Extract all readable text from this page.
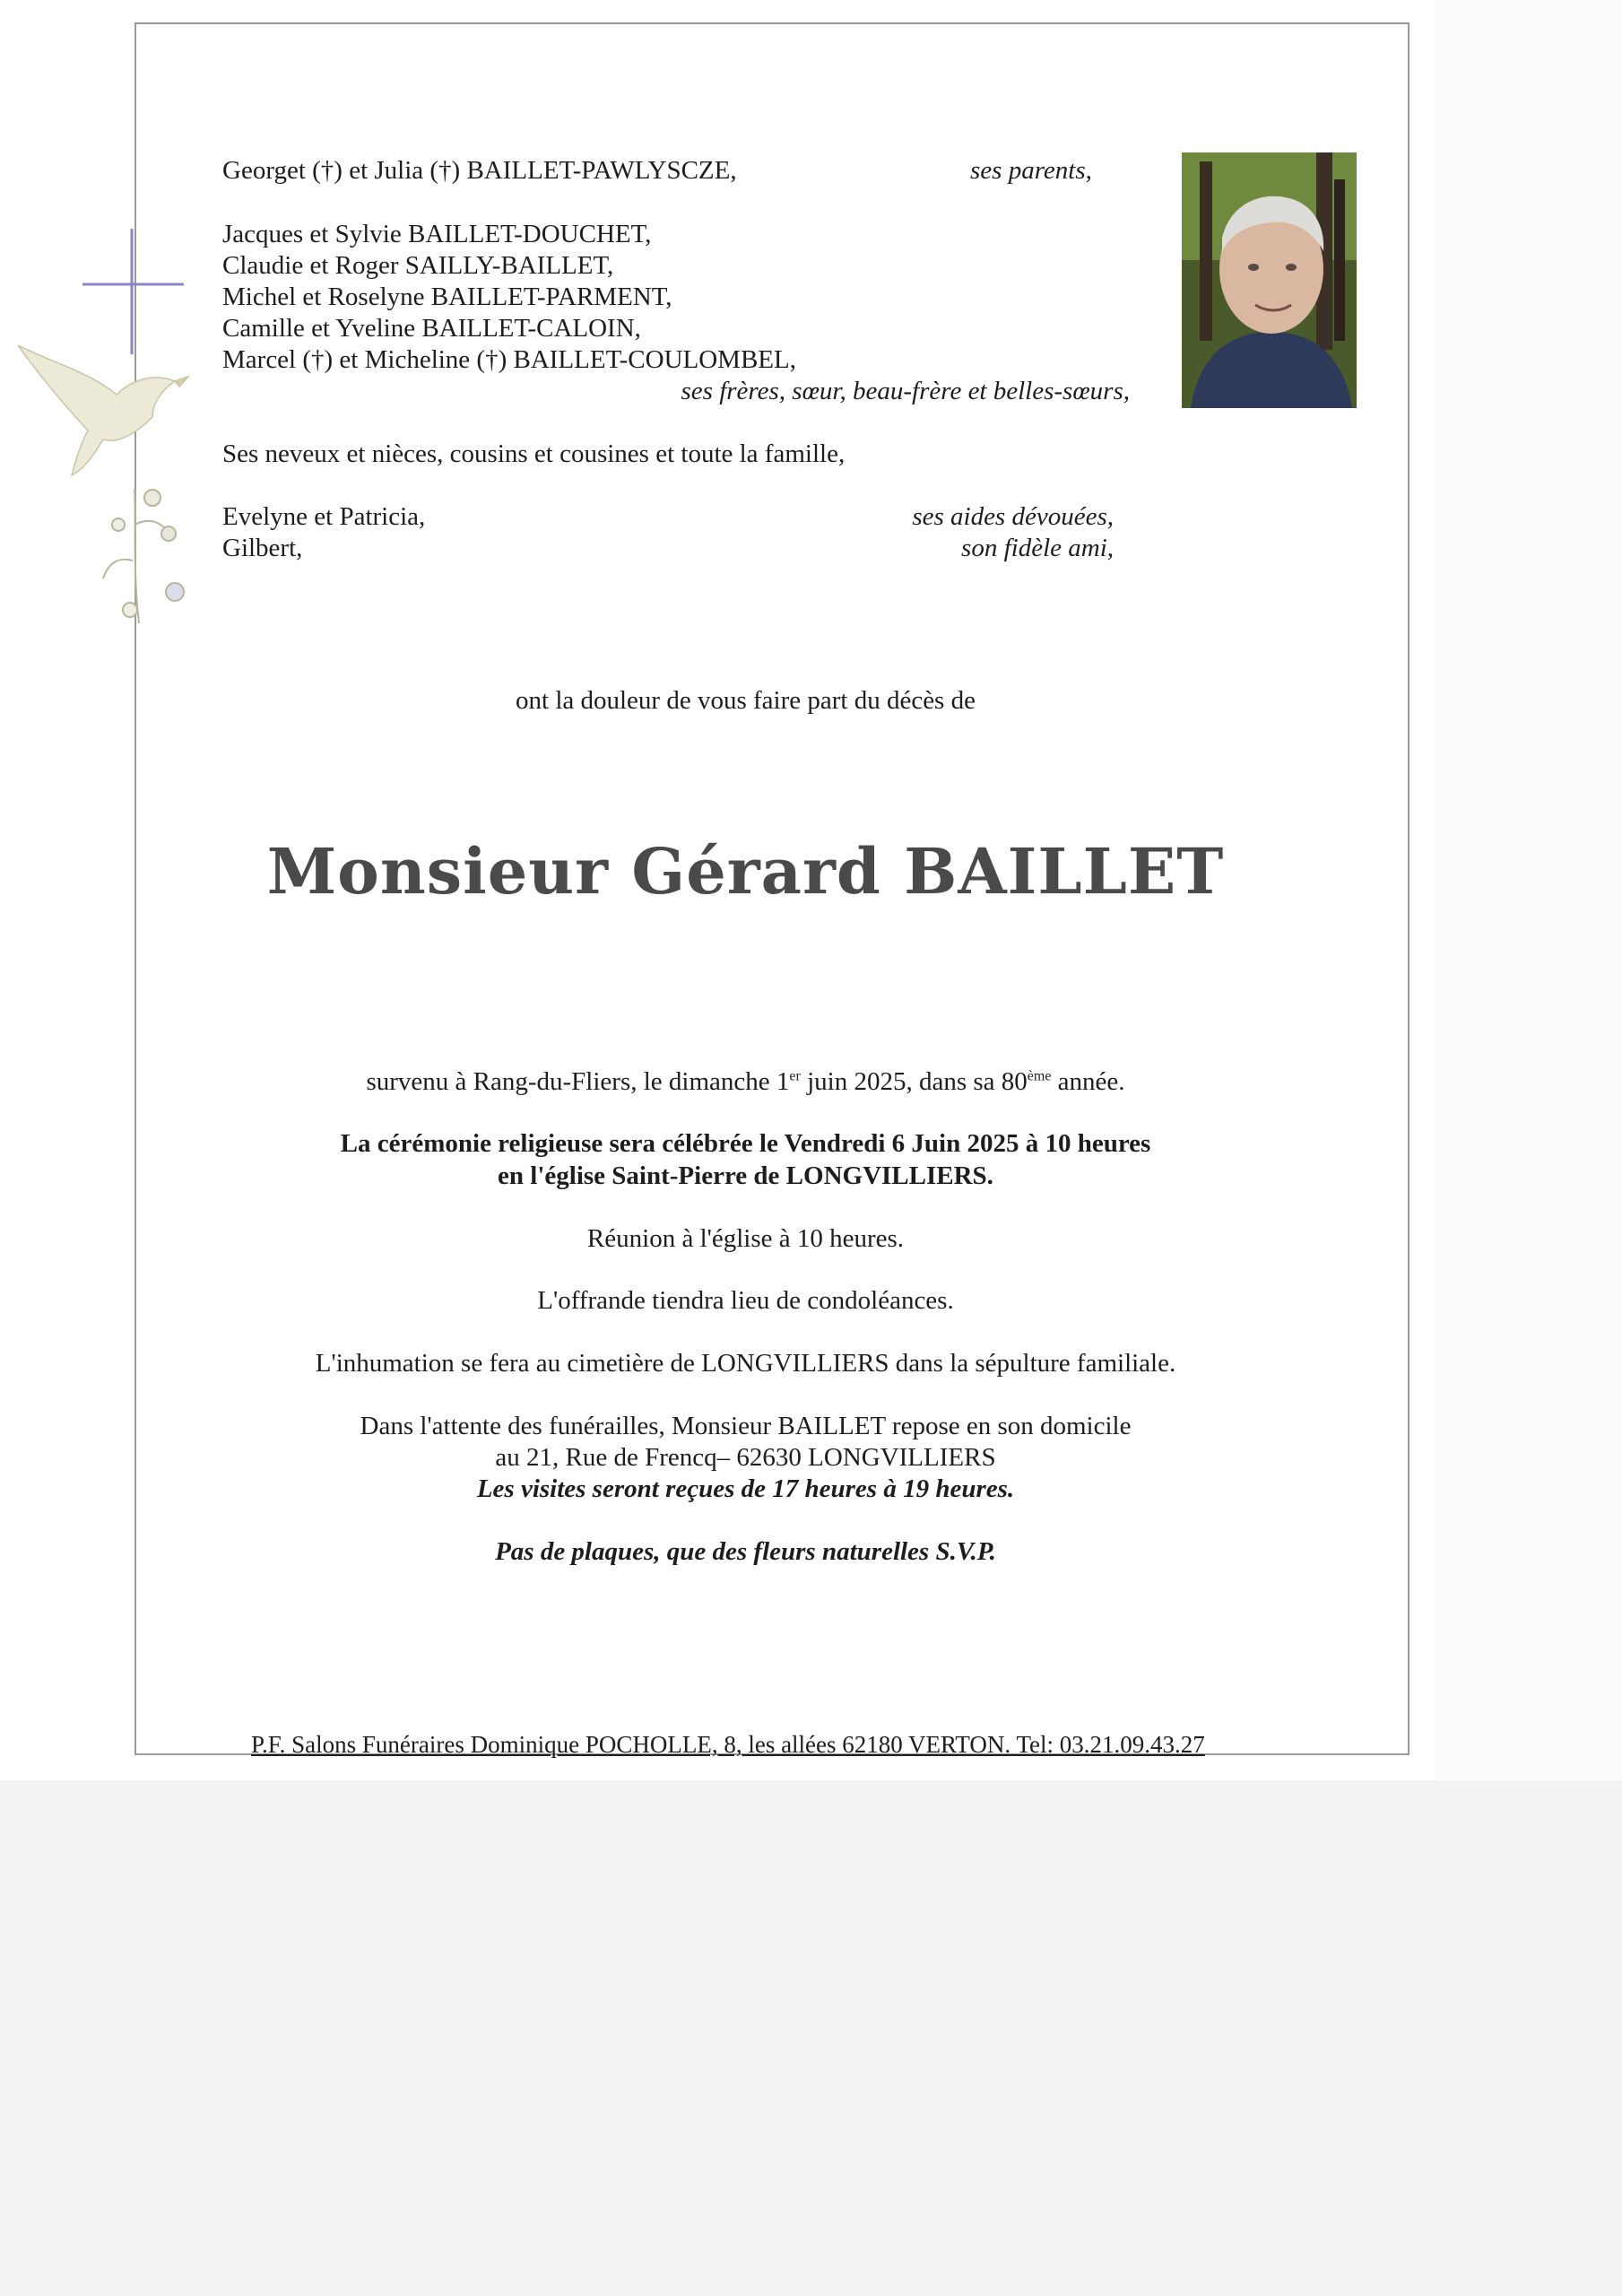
Georget (†) et Julia (†) BAILLET-PAWLYSCZE,	ses parents,
Jacques et Sylvie BAILLET-DOUCHET,
Claudie et Roger SAILLY-BAILLET,
Michel et Roselyne BAILLET-PARMENT,
Camille et Yveline BAILLET-CALOIN,
Marcel (†) et Micheline (†) BAILLET-COULOMBEL,
ses frères, sœur, beau-frère et belles-sœurs,
Ses neveux et nièces, cousins et cousines et toute la famille,
Evelyne et Patricia,	ses aides dévouées,
Gilbert,	son fidèle ami,
ont la douleur de vous faire part du décès de
Monsieur Gérard BAILLET
survenu à Rang-du-Fliers, le dimanche 1er juin 2025, dans sa 80ème année.
La cérémonie religieuse sera célébrée le Vendredi 6 Juin 2025 à 10 heures
en l'église Saint-Pierre de LONGVILLIERS.
Réunion à l'église à 10 heures.
L'offrande tiendra lieu de condoléances.
L'inhumation se fera au cimetière de LONGVILLIERS dans la sépulture familiale.
Dans l'attente des funérailles, Monsieur BAILLET repose en son domicile
au 21, Rue de Frencq– 62630 LONGVILLIERS
Les visites seront reçues de 17 heures à 19 heures.
Pas de plaques, que des fleurs naturelles S.V.P.
P.F. Salons Funéraires Dominique POCHOLLE, 8, les allées 62180 VERTON. Tel: 03.21.09.43.27
